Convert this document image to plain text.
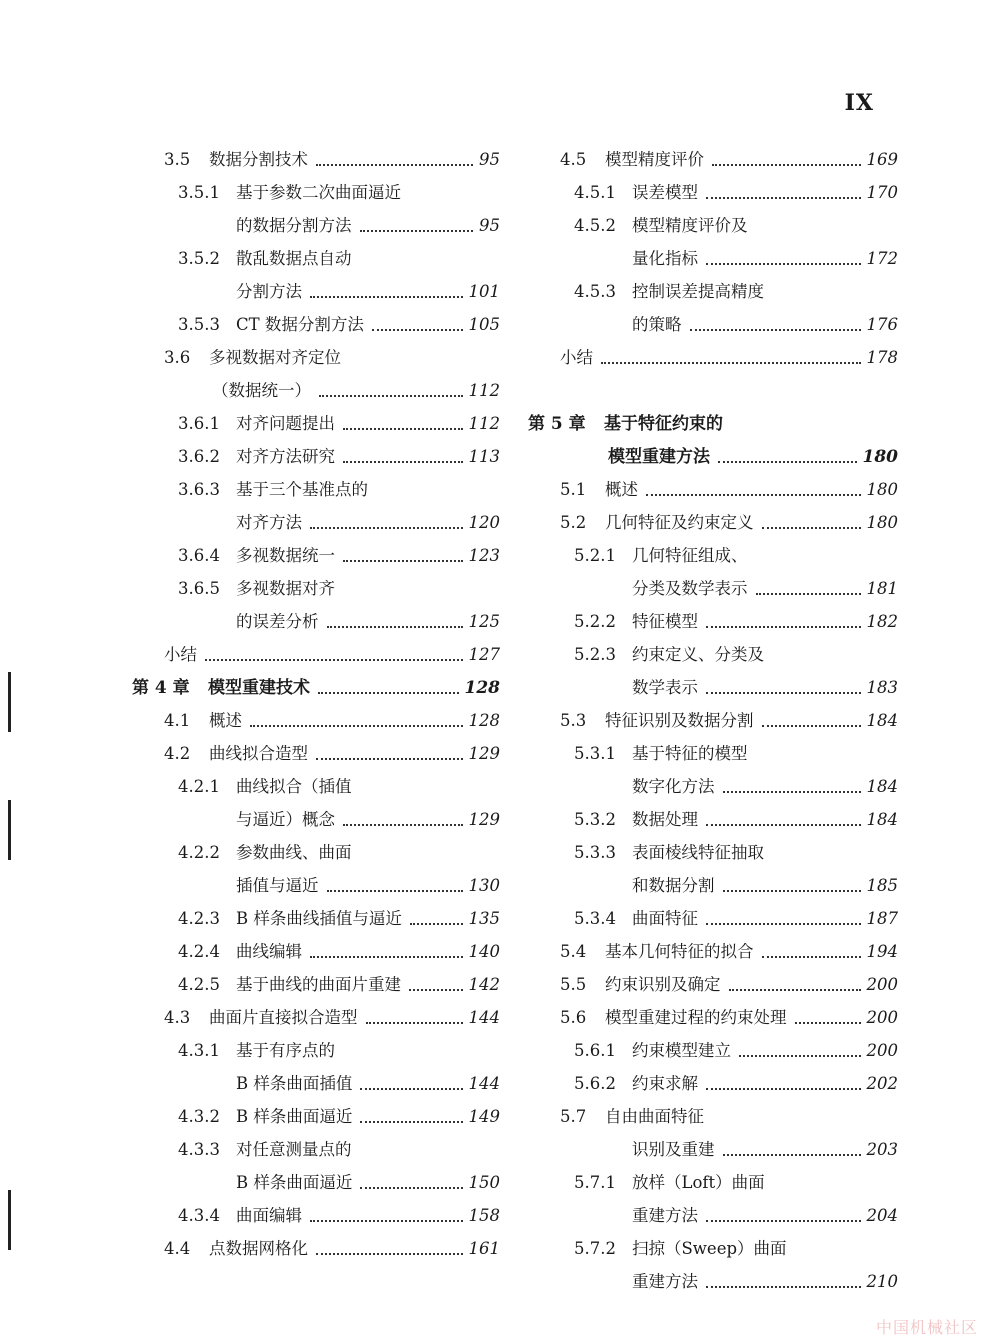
IX
3.5 数据分割技术	95
3.5.1 基于参数二次曲面逼近
的数据分割方法	95
3.5.2 散乱数据点自动
分割方法	101
3.5.3 CT 数据分割方法	105
3.6 多视数据对齐定位
（数据统一）	112
3.6.1 对齐问题提出	112
3.6.2 对齐方法研究	113
3.6.3 基于三个基准点的
对齐方法	120
3.6.4 多视数据统一	123
3.6.5 多视数据对齐
的误差分析	125
小结	127
第 4 章 模型重建技术	128
4.1 概述	128
4.2 曲线拟合造型	129
4.2.1 曲线拟合（插值
与逼近）概念	129
4.2.2 参数曲线、曲面
插值与逼近	130
4.2.3 B 样条曲线插值与逼近	135
4.2.4 曲线编辑	140
4.2.5 基于曲线的曲面片重建	142
4.3 曲面片直接拟合造型	144
4.3.1 基于有序点的
B 样条曲面插值	144
4.3.2 B 样条曲面逼近	149
4.3.3 对任意测量点的
B 样条曲面逼近	150
4.3.4 曲面编辑	158
4.4 点数据网格化	161
4.5 模型精度评价	169
4.5.1 误差模型	170
4.5.2 模型精度评价及
量化指标	172
4.5.3 控制误差提高精度
的策略	176
小结	178
第 5 章 基于特征约束的
模型重建方法	180
5.1 概述	180
5.2 几何特征及约束定义	180
5.2.1 几何特征组成、
分类及数学表示	181
5.2.2 特征模型	182
5.2.3 约束定义、分类及
数学表示	183
5.3 特征识别及数据分割	184
5.3.1 基于特征的模型
数字化方法	184
5.3.2 数据处理	184
5.3.3 表面棱线特征抽取
和数据分割	185
5.3.4 曲面特征	187
5.4 基本几何特征的拟合	194
5.5 约束识别及确定	200
5.6 模型重建过程的约束处理	200
5.6.1 约束模型建立	200
5.6.2 约束求解	202
5.7 自由曲面特征
识别及重建	203
5.7.1 放样（Loft）曲面
重建方法	204
5.7.2 扫掠（Sweep）曲面
重建方法	210
中国机械社区
